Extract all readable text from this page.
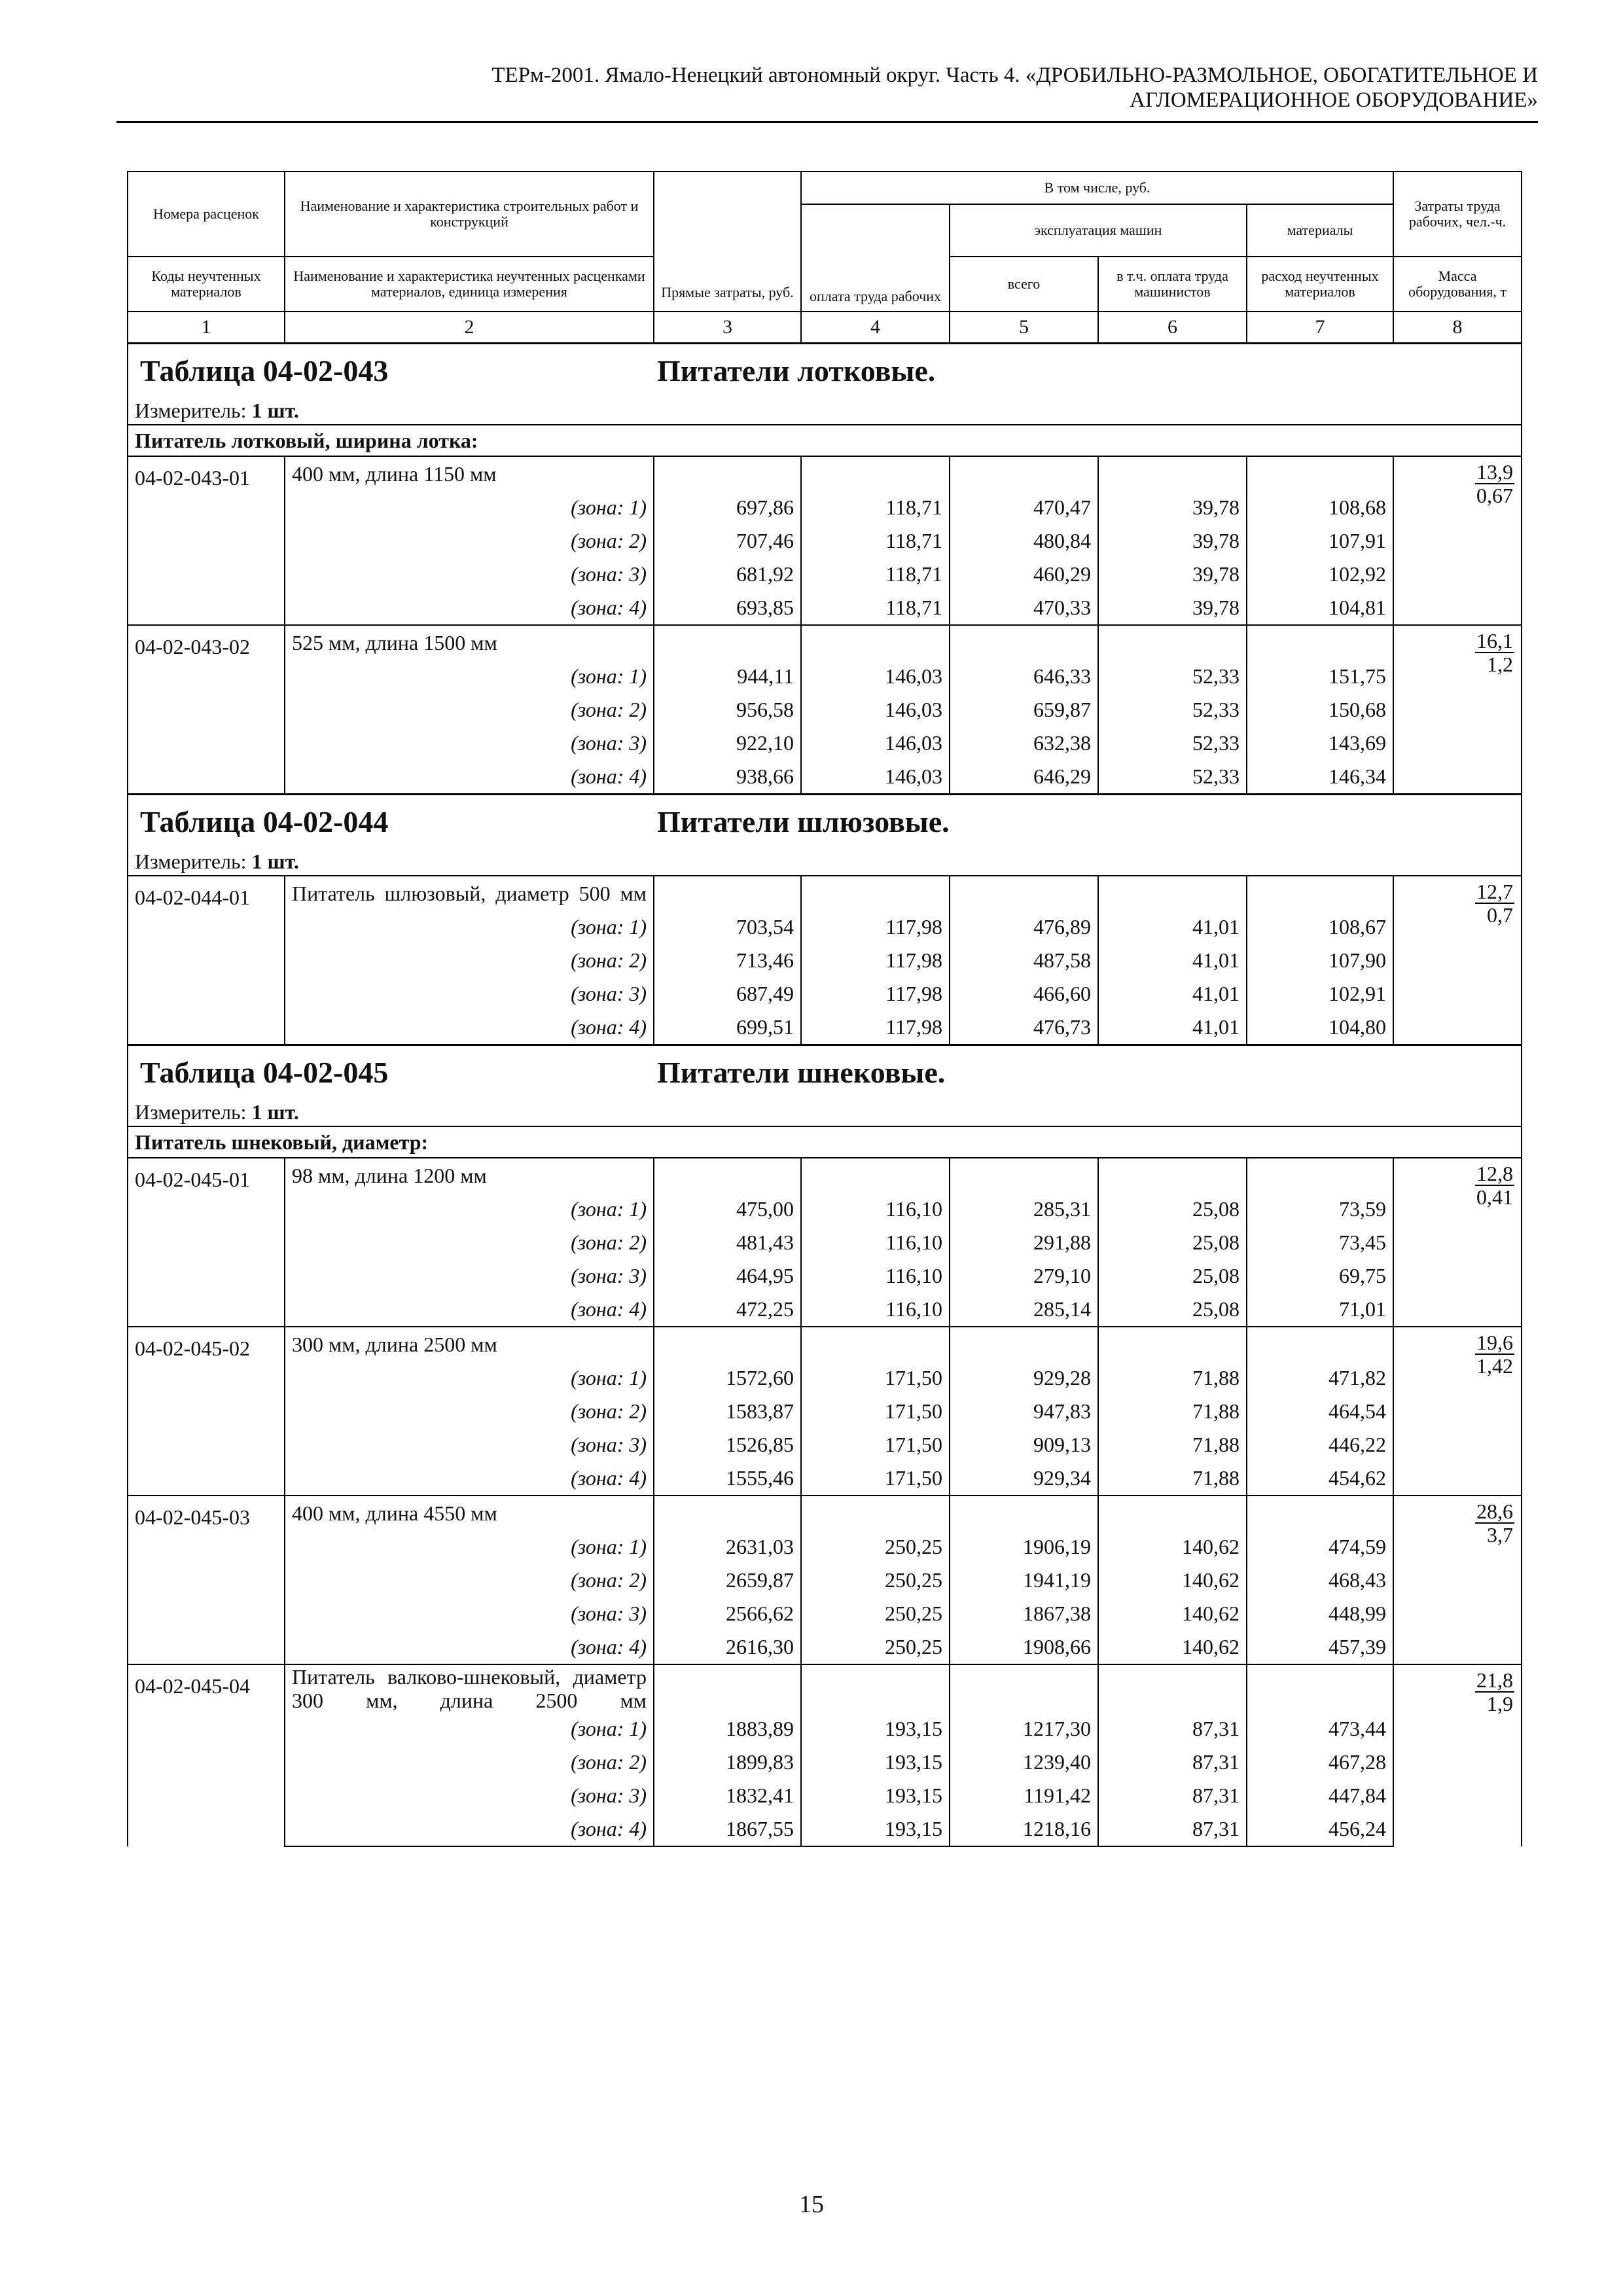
ТЕРм-2001. Ямало-Ненецкий автономный округ. Часть 4. «ДРОБИЛЬНО-РАЗМОЛЬНОЕ, ОБОГАТИТЕЛЬНОЕ И
АГЛОМЕРАЦИОННОЕ ОБОРУДОВАНИЕ»
Номера расценок	Наименование и характеристика строительных работ и конструкций	Прямые затраты, руб.	В том числе, руб.				Затраты труда рабочих, чел.-ч.
			оплата труда рабочих	эксплуатация машин		материалы	

Коды неучтенных материалов	Наименование и характеристика неучтенных расценками материалов, единица измерения			всего	в т.ч. оплата труда машинистов	расход неучтенных материалов	Масса оборудования, т

1	2	3	4	5	6	7	8

Таблица 04-02-043 Питатели лотковые.							

Измеритель: 1 шт.							
Питатель лотковый, ширина лотка:							
04-02-043-01	400 мм, длина 1150 мм						$\frac{13,9}{0,67}$

	(зона: 1)	697,86	118,71	470,47	39,78	108,68	
	(зона: 2)	707,46	118,71	480,84	39,78	107,91	
	(зона: 3)	681,92	118,71	460,29	39,78	102,92	
	(зона: 4)	693,85	118,71	470,33	39,78	104,81	
04-02-043-02	525 мм, длина 1500 мм						$\frac{16,1}{1,2}$

	(зона: 1)	944,11	146,03	646,33	52,33	151,75	
	(зона: 2)	956,58	146,03	659,87	52,33	150,68	
	(зона: 3)	922,10	146,03	632,38	52,33	143,69	
	(зона: 4)	938,66	146,03	646,29	52,33	146,34	

Таблица 04-02-044 Питатели шлюзовые.							

Измеритель: 1 шт.							
04-02-044-01	Питатель шлюзовый, диаметр 500 мм						$\frac{12,7}{0,7}$

	(зона: 1)	703,54	117,98	476,89	41,01	108,67	
	(зона: 2)	713,46	117,98	487,58	41,01	107,90	
	(зона: 3)	687,49	117,98	466,60	41,01	102,91	
	(зона: 4)	699,51	117,98	476,73	41,01	104,80	

Таблица 04-02-045 Питатели шнековые.							

Измеритель: 1 шт.							
Питатель шнековый, диаметр:							
04-02-045-01	98 мм, длина 1200 мм						$\frac{12,8}{0,41}$

	(зона: 1)	475,00	116,10	285,31	25,08	73,59	
	(зона: 2)	481,43	116,10	291,88	25,08	73,45	
	(зона: 3)	464,95	116,10	279,10	25,08	69,75	
	(зона: 4)	472,25	116,10	285,14	25,08	71,01	
04-02-045-02	300 мм, длина 2500 мм						$\frac{19,6}{1,42}$

	(зона: 1)	1572,60	171,50	929,28	71,88	471,82	
	(зона: 2)	1583,87	171,50	947,83	71,88	464,54	
	(зона: 3)	1526,85	171,50	909,13	71,88	446,22	
	(зона: 4)	1555,46	171,50	929,34	71,88	454,62	
04-02-045-03	400 мм, длина 4550 мм						$\frac{28,6}{3,7}$

	(зона: 1)	2631,03	250,25	1906,19	140,62	474,59	
	(зона: 2)	2659,87	250,25	1941,19	140,62	468,43	
	(зона: 3)	2566,62	250,25	1867,38	140,62	448,99	
	(зона: 4)	2616,30	250,25	1908,66	140,62	457,39	
04-02-045-04	Питатель валково-шнековый, диаметр 300 мм, длина 2500 мм						$\frac{21,8}{1,9}$

	(зона: 1)	1883,89	193,15	1217,30	87,31	473,44	
	(зона: 2)	1899,83	193,15	1239,40	87,31	467,28	
	(зона: 3)	1832,41	193,15	1191,42	87,31	447,84	
	(зона: 4)	1867,55	193,15	1218,16	87,31	456,24	
15
